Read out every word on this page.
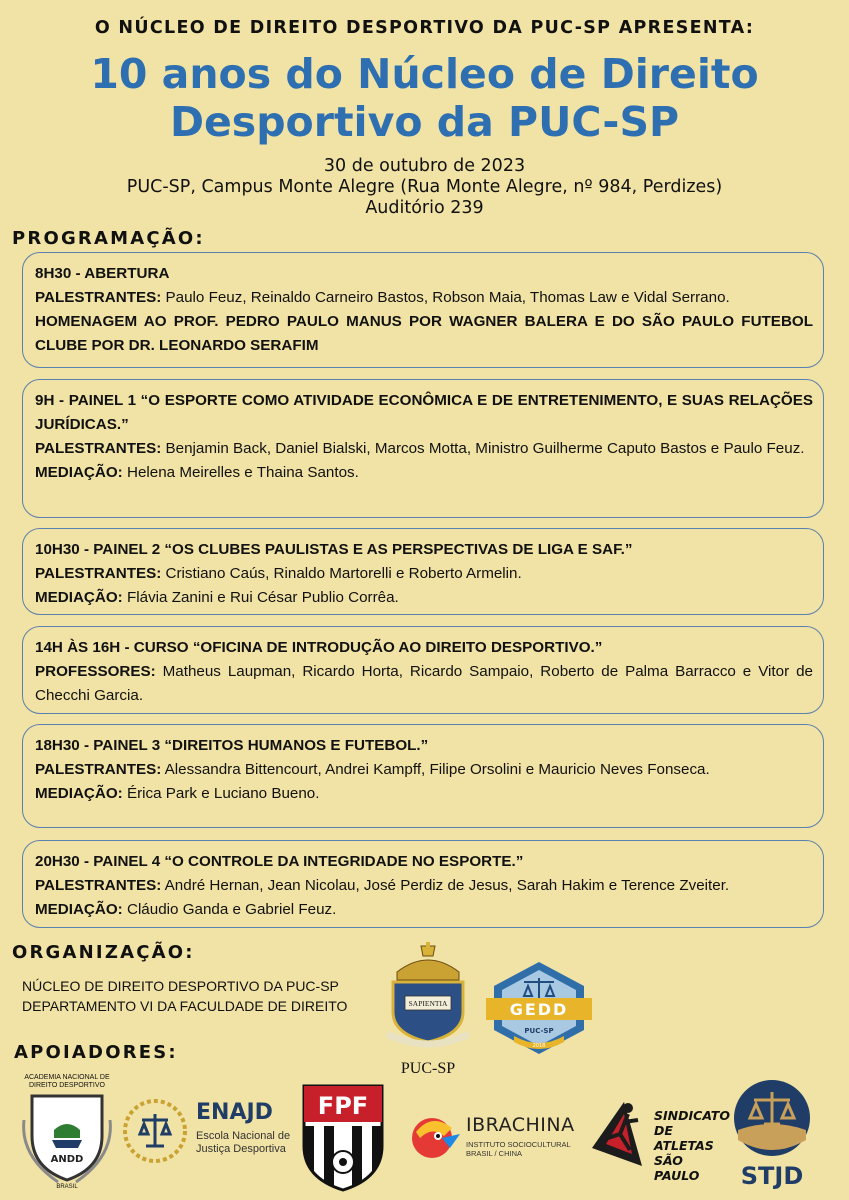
O NÚCLEO DE DIREITO DESPORTIVO DA PUC-SP APRESENTA:
10 anos do Núcleo de Direito
Desportivo da PUC-SP
30 de outubro de 2023
PUC-SP, Campus Monte Alegre (Rua Monte Alegre, nº 984, Perdizes)
Auditório 239
PROGRAMAÇÃO:
8H30 - ABERTURA
PALESTRANTES: Paulo Feuz, Reinaldo Carneiro Bastos, Robson Maia, Thomas Law e Vidal Serrano.
HOMENAGEM AO PROF. PEDRO PAULO MANUS POR WAGNER BALERA E DO SÃO PAULO FUTEBOL CLUBE POR DR. LEONARDO SERAFIM
9H - PAINEL 1 “O ESPORTE COMO ATIVIDADE ECONÔMICA E DE ENTRETENIMENTO, E SUAS RELAÇÕES JURÍDICAS.”
PALESTRANTES: Benjamin Back, Daniel Bialski, Marcos Motta, Ministro Guilherme Caputo Bastos e Paulo Feuz.
MEDIAÇÃO: Helena Meirelles e Thaina Santos.
10H30 - PAINEL 2 “OS CLUBES PAULISTAS E AS PERSPECTIVAS DE LIGA E SAF.”
PALESTRANTES: Cristiano Caús, Rinaldo Martorelli e Roberto Armelin.
MEDIAÇÃO: Flávia Zanini e Rui César Publio Corrêa.
14H ÀS 16H - CURSO “OFICINA DE INTRODUÇÃO AO DIREITO DESPORTIVO.”
PROFESSORES: Matheus Laupman, Ricardo Horta, Ricardo Sampaio, Roberto de Palma Barracco e Vitor de Checchi Garcia.
18H30 - PAINEL 3 “DIREITOS HUMANOS E FUTEBOL.”
PALESTRANTES: Alessandra Bittencourt, Andrei Kampff, Filipe Orsolini e Mauricio Neves Fonseca.
MEDIAÇÃO: Érica Park e Luciano Bueno.
20H30 - PAINEL 4 “O CONTROLE DA INTEGRIDADE NO ESPORTE.”
PALESTRANTES: André Hernan, Jean Nicolau, José Perdiz de Jesus, Sarah Hakim e Terence Zveiter.
MEDIAÇÃO: Cláudio Ganda e Gabriel Feuz.
ORGANIZAÇÃO:
NÚCLEO DE DIREITO DESPORTIVO DA PUC-SP
DEPARTAMENTO VI DA FACULDADE DE DIREITO	SAPIENTIA
PUC-SP
GEDD
PUC-SP
2018
APOIADORES:
ACADEMIA NACIONAL DE DIREITO DESPORTIVO
ANDD
BRASIL
ENAJD
Escola Nacional de
Justiça Desportiva
FPF
IBRACHINA
INSTITUTO SOCIOCULTURAL
BRASIL / CHINA
SINDICATO
DE ATLETAS
SÃO PAULO	STJD
